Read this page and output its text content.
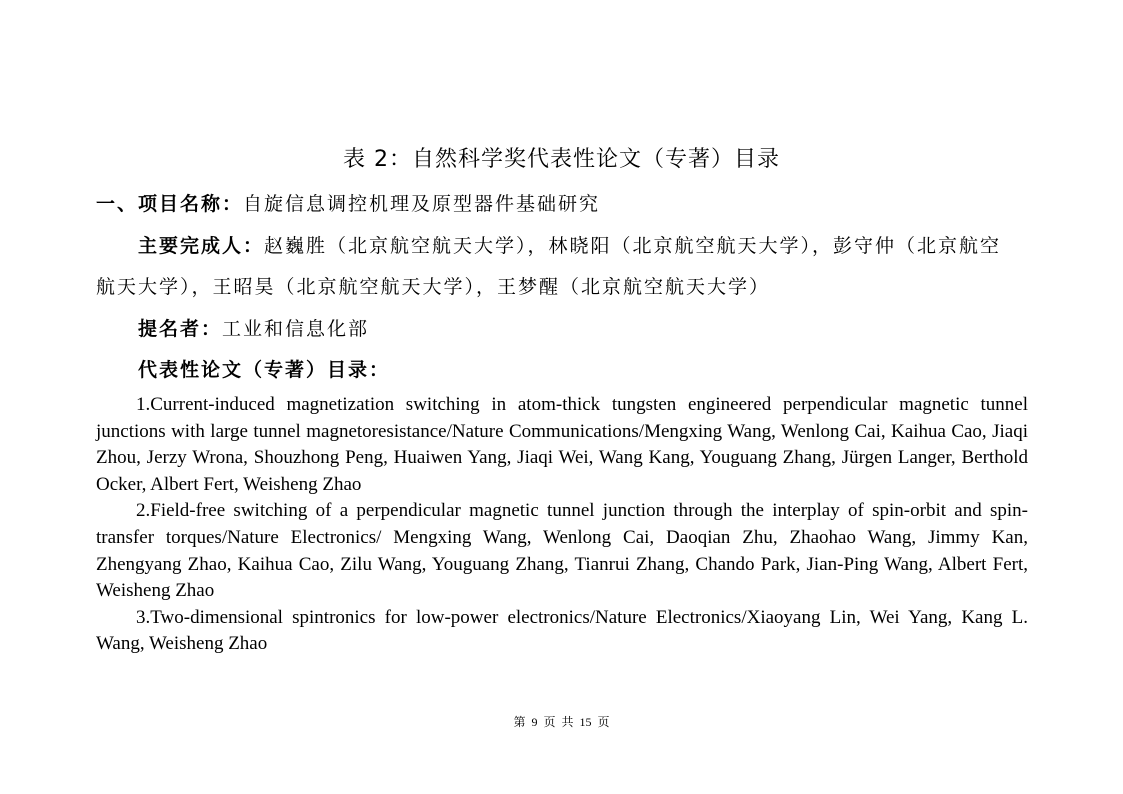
表 2：自然科学奖代表性论文（专著）目录
一、项目名称：自旋信息调控机理及原型器件基础研究
主要完成人：赵巍胜（北京航空航天大学），林晓阳（北京航空航天大学），彭守仲（北京航空
航天大学），王昭昊（北京航空航天大学），王梦醒（北京航空航天大学）
提名者：工业和信息化部
代表性论文（专著）目录：

1.Current-induced magnetization switching in atom-thick tungsten engineered perpendicular magnetic tunnel junctions with large tunnel magnetoresistance/Nature Communications/Mengxing Wang, Wenlong Cai, Kaihua Cao, Jiaqi Zhou, Jerzy Wrona, Shouzhong Peng, Huaiwen Yang, Jiaqi Wei, Wang Kang, Youguang Zhang, Jürgen Langer, Berthold Ocker, Albert Fert, Weisheng Zhao

2.Field-free switching of a perpendicular magnetic tunnel junction through the interplay of spin-orbit and spin-transfer torques/Nature Electronics/ Mengxing Wang, Wenlong Cai, Daoqian Zhu, Zhaohao Wang, Jimmy Kan, Zhengyang Zhao, Kaihua Cao, Zilu Wang, Youguang Zhang, Tianrui Zhang, Chando Park, Jian-Ping Wang, Albert Fert, Weisheng Zhao

3.Two-dimensional spintronics for low-power electronics/Nature Electronics/Xiaoyang Lin, Wei Yang, Kang L. Wang, Weisheng Zhao

第 9 页 共 15 页
